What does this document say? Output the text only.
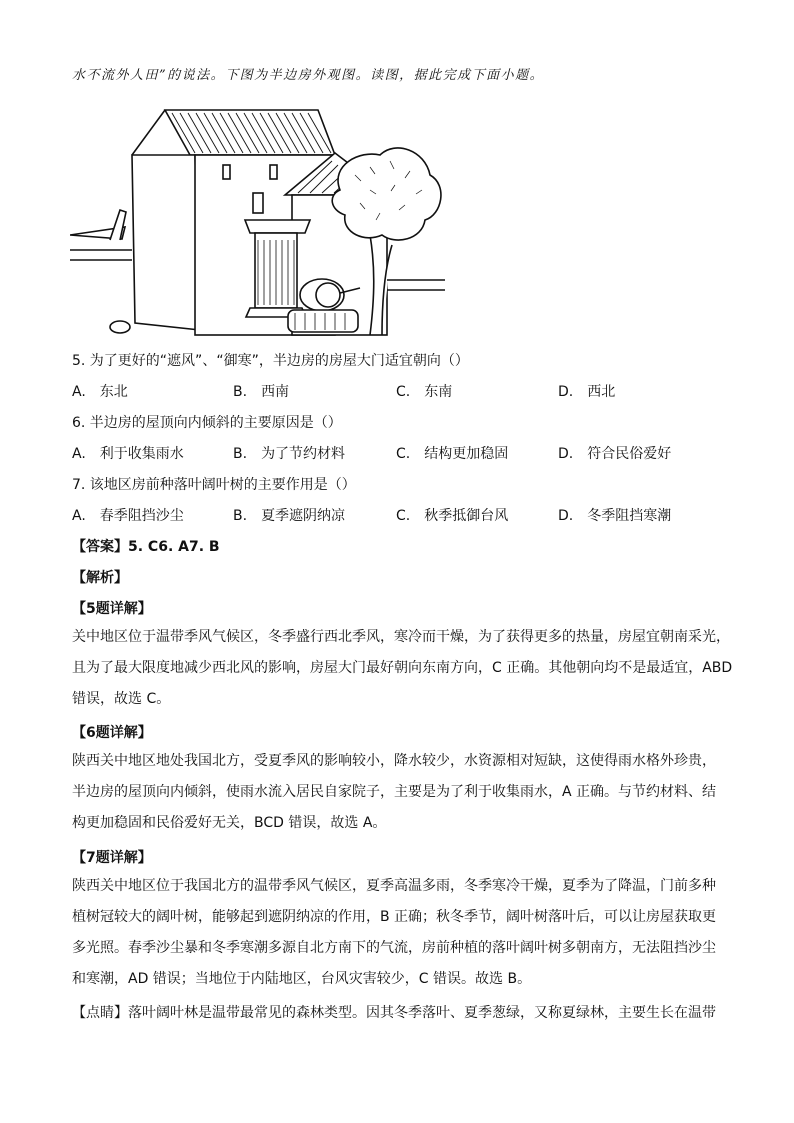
水不流外人田”的说法。下图为半边房外观图。读图，据此完成下面小题。
5. 为了更好的“遮风”、“御寒”，半边房的房屋大门适宜朝向（）
A. 东北	B. 西南	C. 东南	D. 西北
6. 半边房的屋顶向内倾斜的主要原因是（）
A. 利于收集雨水	B. 为了节约材料	C. 结构更加稳固	D. 符合民俗爱好
7. 该地区房前种落叶阔叶树的主要作用是（）
A. 春季阻挡沙尘	B. 夏季遮阴纳凉	C. 秋季抵御台风	D. 冬季阻挡寒潮
【答案】5. C6. A7. B
【解析】
【5题详解】
关中地区位于温带季风气候区，冬季盛行西北季风，寒冷而干燥，为了获得更多的热量，房屋宜朝南采光，
且为了最大限度地减少西北风的影响，房屋大门最好朝向东南方向，C 正确。其他朝向均不是最适宜，ABD
错误，故选 C。
【6题详解】
陕西关中地区地处我国北方，受夏季风的影响较小，降水较少，水资源相对短缺，这使得雨水格外珍贵，
半边房的屋顶向内倾斜，使雨水流入居民自家院子，主要是为了利于收集雨水，A 正确。与节约材料、结
构更加稳固和民俗爱好无关，BCD 错误，故选 A。
【7题详解】
陕西关中地区位于我国北方的温带季风气候区，夏季高温多雨，冬季寒冷干燥，夏季为了降温，门前多种
植树冠较大的阔叶树，能够起到遮阴纳凉的作用，B 正确；秋冬季节，阔叶树落叶后，可以让房屋获取更
多光照。春季沙尘暴和冬季寒潮多源自北方南下的气流，房前种植的落叶阔叶树多朝南方，无法阻挡沙尘
和寒潮，AD 错误；当地位于内陆地区，台风灾害较少，C 错误。故选 B。
【点睛】落叶阔叶林是温带最常见的森林类型。因其冬季落叶、夏季葱绿，又称夏绿林，主要生长在温带
